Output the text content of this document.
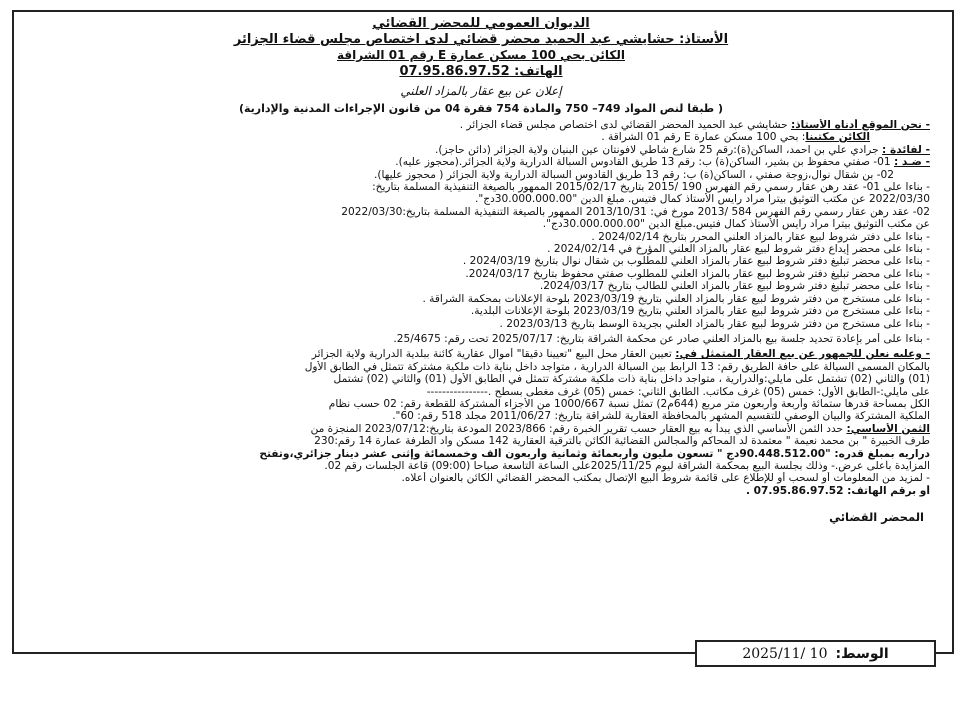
الديوان العمومي للمحضر القضائي
الأستاذ: حشايشي عبد الحميد محضر قضائي لدى اختصاص مجلس قضاء الجزائر
الكائن بحي 100 مسكن عمارة E رقم 01 الشراقة
الهاتف: 07.95.86.97.52
إعلان عن بيع عقار بالمزاد العلني
( طبقا لنص المواد 749– 750 والمادة 754 فقرة 04 من قانون الإجراءات المدنية والإدارية)
- نحن الموقع أدناه الأستاذ: حشايشي عبد الحميد المحضر القضائي لدى اختصاص مجلس قضاء الجزائر .
الكائن مكتبنا: بحي 100 مسكن عمارة E رقم 01 الشراقة .
- لفائدة : جرادي علي بن احمد، الساكن(ة):رقم 25 شارع شاطي لافونتان عين البنيان ولاية الجزائر (دائن حاجز).
- ضـد : 01- صفتي محفوظ بن بشير، الساكن(ة) ب: رقم 13 طريق القادوس السبالة الدرارية ولاية الجزائر.(محجوز عليه).
02- بن شقال نوال،زوجة صفتي ، الساكن(ة) ب: رقم 13 طريق القادوس السبالة الدرارية ولاية الجزائر ( محجوز عليها).
- بناءا على 01- عقد رهن عقار رسمي رقم الفهرس 190 /2015 بتاريخ 2015/02/17 الممهور بالصيغة التنفيذية المسلمة بتاريخ:
2022/03/30 عن مكتب التوثيق بيترا مراد رايس الأستاذ كمال فتيس. مبلغ الدين "30.000.000.00دج".
02- عقد رهن عقار رسمي رقم الفهرس 584 /2013 مورخ في: 2013/10/31 الممهور بالصيغة التنفيذية المسلمة بتاريخ:2022/03/30
عن مكتب التوثيق بيترا مراد رايس الأستاذ كمال فتيس.مبلغ الدين "30.000.000.00دج".
- بناءا على دفتر شروط لبيع عقار بالمزاد العلني المحرر بتاريخ 2024/02/14 .
- بناءا على محضر إيداع دفتر شروط لبيع عقار بالمزاد العلني المؤرخ في 2024/02/14 .
- بناءا على محضر تبليغ دفتر شروط لبيع عقار بالمزاد العلني للمطلوب بن شقال نوال بتاريخ 2024/03/19 .
- بناءا على محضر تبليغ دفتر شروط لبيع عقار بالمزاد العلني للمطلوب صفتي محفوظ بتاريخ 2024/03/17.
- بناءا على محضر تبليغ دفتر شروط لبيع عقار بالمزاد العلني للطالب بتاريخ 2024/03/17.
- بناءا على مستخرج من دفتر شروط لبيع عقار بالمزاد العلني بتاريخ 2023/03/19 بلوحة الإعلانات بمحكمة الشراقة .
- بناءا على مستخرج من دفتر شروط لبيع عقار بالمزاد العلني بتاريخ 2023/03/19 بلوحة الإعلانات البلدية.
- بناءا على مستخرج من دفتر شروط لبيع عقار بالمزاد العلني بجريدة الوسط بتاريخ 2023/03/13 .
- بناءا على أمر بإعادة تحديد جلسة بيع بالمزاد العلني صادر عن محكمة الشراقة بتاريخ: 2025/07/17 تحت رقم: 25/4675.
- وعليه نعلن للجمهور عن بيع العقار المتمثل في: تعيين العقار محل البيع "تعيينا دقيقا" أموال عقارية كائنة ببلدية الدرارية ولاية الجزائر
بالمكان المسمى السبالة على حافة الطريق رقم: 13 الرابط بين السبالة الدرارية ، متواجد داخل بناية ذات ملكية مشتركة تتمثل في الطابق الأول
(01) والثاني (02) تشتمل على مايلي:والدرارية ، متواجد داخل بناية ذات ملكية مشتركة تتمثل في الطابق الأول (01) والثاني (02) تشتمل
على مايلي:-الطابق الأول: خمس (05) غرف مكاتب. الطابق الثاني: خمس (05) غرف مغطى بسطح .----------------
الكل بمساحة قدرها ستمائة وأربعة وأربعون متر مربع (644م2) تمثل نسبة 1000/667 من الأجزاء المشتركة للقطعة رقم: 02 حسب نظام
الملكية المشتركة والبيان الوصفي للتقسيم المشهر بالمحافظة العقارية للشراقة بتاريخ: 2011/06/27 مجلد 518 رقم: 60".
الثمن الأساسي: حدد الثمن الأساسي الذي يبدأ به بيع العقار حسب تقرير الخبرة رقم: 2023/866 المودعة بتاريخ:2023/07/12 المنجزة من
طرف الخبيرة " بن محمد نعيمة " معتمدة لد المحاكم والمجالس القضائية الكائن بالترقية العقارية 142 مسكن واد الطرفة عمارة 14 رقم:230
دراريه بمبلغ قدره: "90.448.512.00دج " تسعون مليون وأربعمائة وثمانية وأربعون ألف وخمسمائة وإثنى عشر دينار جزائري،وتفتح
المزايدة بأعلى عرض.- وذلك بجلسة البيع بمحكمة الشراقة ليوم 2025/11/25على الساعة التاسعة صباحا (09:00) قاعة الجلسات رقم 02.
- لمزيد من المعلومات أو لسحب أو للإطلاع على قائمة شروط البيع الإتصال بمكتب المحضر القضائي الكائن بالعنوان أعلاه.
أو برقم الهاتف: 07.95.86.97.52 .
المحضر القضائي
الوسط:
2025/11/ 10
